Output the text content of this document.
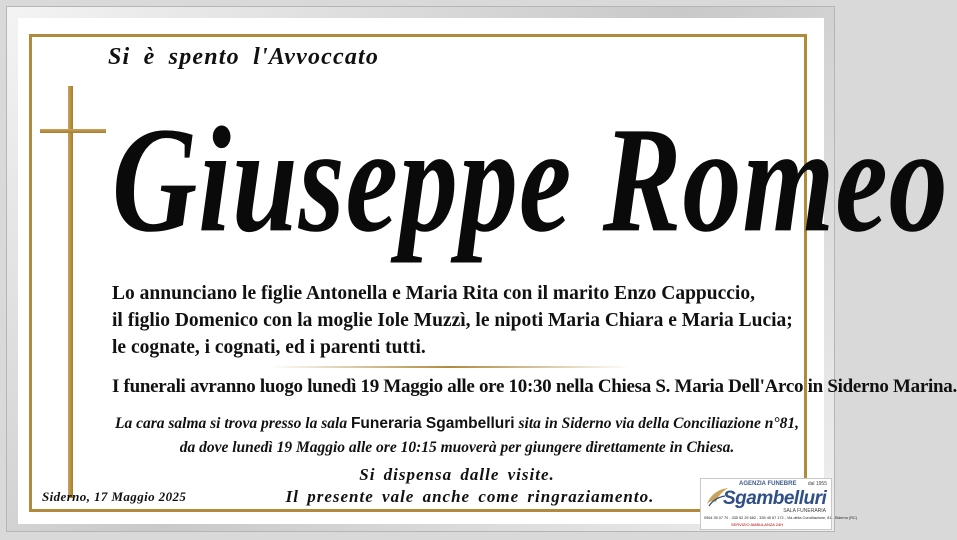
Si è spento l'Avvoccato
Giuseppe Romeo

Lo annunciano le figlie Antonella e Maria Rita con il marito Enzo Cappuccio,

il figlio Domenico con la moglie Iole Muzzì, le nipoti Maria Chiara e Maria Lucia;

le cognate, i cognati, ed i parenti tutti.

I funerali avranno luogo lunedì 19 Maggio alle ore 10:30 nella Chiesa S. Maria Dell'Arco in Siderno Marina.

La cara salma si trova presso la sala Funeraria Sgambelluri sita in Siderno via della Conciliazione n°81,

da dove lunedì 19 Maggio alle ore 10:15 muoverà per giungere direttamente in Chiesa.

Si dispensa dalle visite.
Il presente vale anche come ringraziamento.
Siderno, 17 Maggio 2025
AGENZIA FUNEBRE dal 1955
Sgambelluri
SALA FUNERARIA
0964 35 07 70 - 335 52 29 682 - 335 45 67 172 - Via della Conciliazione, 81 - Siderno (RC)
SERVIZIO AMBULANZA 24H
